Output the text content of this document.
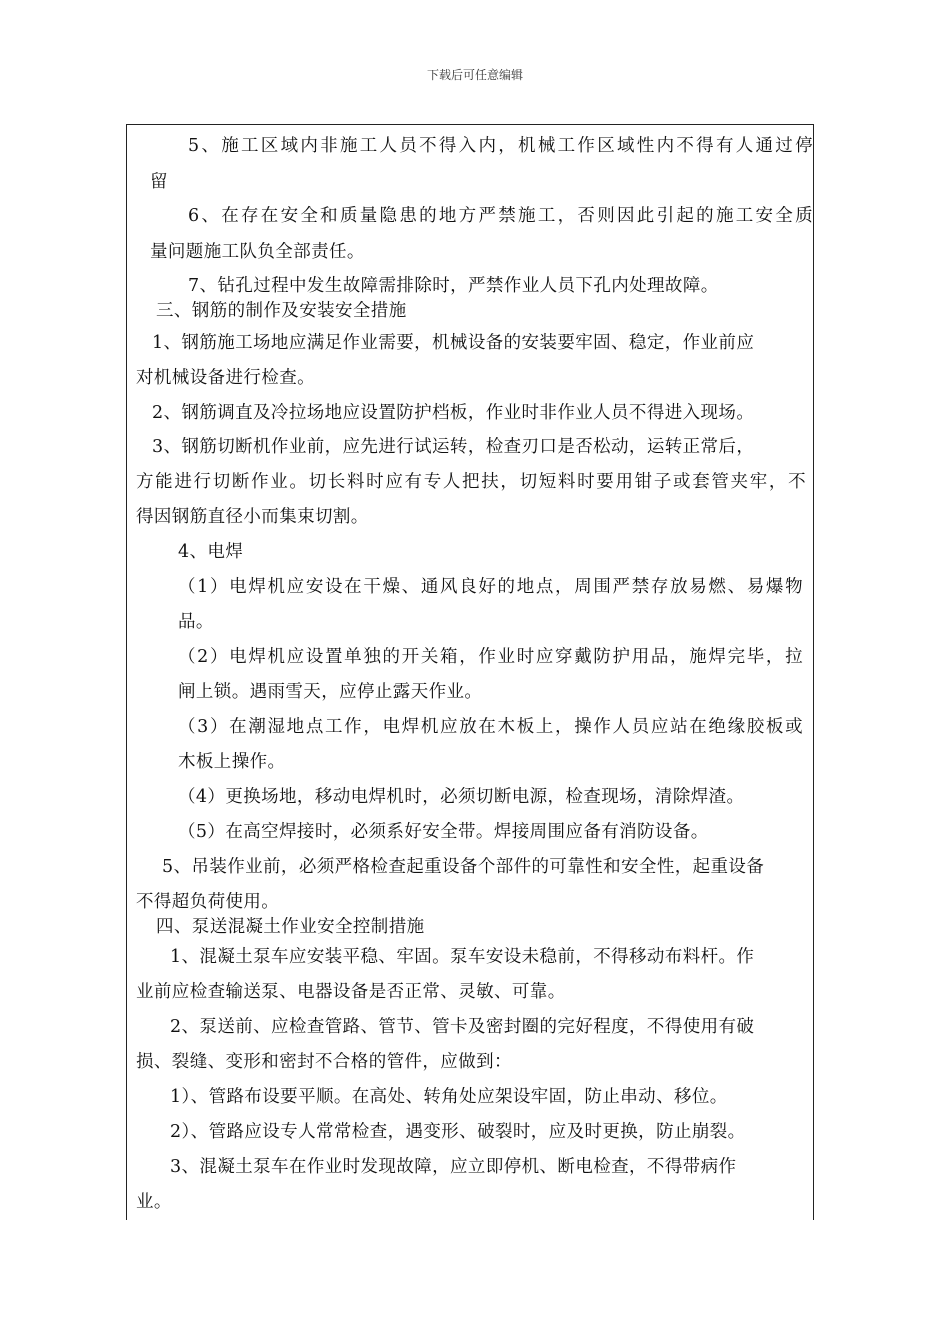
下载后可任意编辑
5、施工区域内非施工人员不得入内，机械工作区域性内不得有人通过停
留
6、在存在安全和质量隐患的地方严禁施工，否则因此引起的施工安全质
量问题施工队负全部责任。
7、钻孔过程中发生故障需排除时，严禁作业人员下孔内处理故障。
三、钢筋的制作及安装安全措施
1、钢筋施工场地应满足作业需要，机械设备的安装要牢固、稳定，作业前应
对机械设备进行检查。
2、钢筋调直及冷拉场地应设置防护档板，作业时非作业人员不得进入现场。
3、钢筋切断机作业前，应先进行试运转，检查刃口是否松动，运转正常后，
方能进行切断作业。切长料时应有专人把扶，切短料时要用钳子或套管夹牢，不
得因钢筋直径小而集束切割。
4、电焊
（1）电焊机应安设在干燥、通风良好的地点，周围严禁存放易燃、易爆物
品。
（2）电焊机应设置单独的开关箱，作业时应穿戴防护用品，施焊完毕，拉
闸上锁。遇雨雪天，应停止露天作业。
（3）在潮湿地点工作，电焊机应放在木板上，操作人员应站在绝缘胶板或
木板上操作。
（4）更换场地，移动电焊机时，必须切断电源，检查现场，清除焊渣。
（5）在高空焊接时，必须系好安全带。焊接周围应备有消防设备。
5、吊装作业前，必须严格检查起重设备个部件的可靠性和安全性，起重设备
不得超负荷使用。
四、泵送混凝土作业安全控制措施
1、混凝土泵车应安装平稳、牢固。泵车安设未稳前，不得移动布料杆。作
业前应检查输送泵、电器设备是否正常、灵敏、可靠。
2、泵送前、应检查管路、管节、管卡及密封圈的完好程度，不得使用有破
损、裂缝、变形和密封不合格的管件，应做到：
1）、管路布设要平顺。在高处、转角处应架设牢固，防止串动、移位。
2）、管路应设专人常常检查，遇变形、破裂时，应及时更换，防止崩裂。
3、混凝土泵车在作业时发现故障，应立即停机、断电检查，不得带病作
业。
